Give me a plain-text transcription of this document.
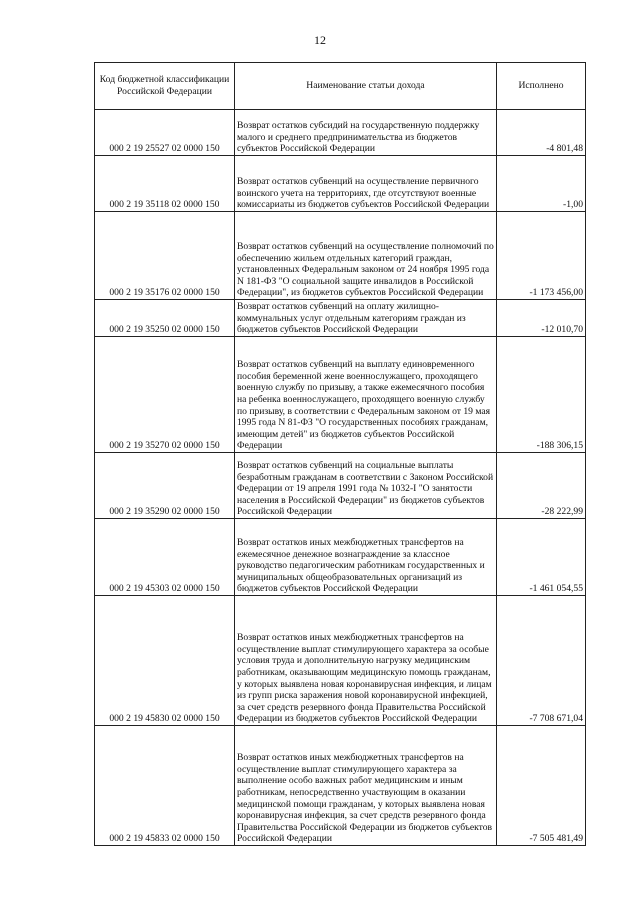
12
Код бюджетной классификации Российской Федерации	Наименование статьи дохода	Исполнено
000 2 19 25527 02 0000 150	Возврат остатков субсидий на государственную поддержку малого и среднего предпринимательства из бюджетов субъектов Российской Федерации	-4 801,48
000 2 19 35118 02 0000 150	Возврат остатков субвенций на осуществление первичного воинского учета на территориях, где отсутствуют военные комиссариаты из бюджетов субъектов Российской Федерации	-1,00
000 2 19 35176 02 0000 150	Возврат остатков субвенций на осуществление полномочий по обеспечению жильем отдельных категорий граждан, установленных Федеральным законом от 24 ноября 1995 года N 181-ФЗ "О социальной защите инвалидов в Российской Федерации", из бюджетов субъектов Российской Федерации	-1 173 456,00
000 2 19 35250 02 0000 150	Возврат остатков субвенций на оплату жилищно-коммунальных услуг отдельным категориям граждан из бюджетов субъектов Российской Федерации	-12 010,70
000 2 19 35270 02 0000 150	Возврат остатков субвенций на выплату единовременного пособия беременной жене военнослужащего, проходящего военную службу по призыву, а также ежемесячного пособия на ребенка военнослужащего, проходящего военную службу по призыву, в соответствии с Федеральным законом от 19 мая 1995 года N 81-ФЗ "О государственных пособиях гражданам, имеющим детей" из бюджетов субъектов Российской Федерации	-188 306,15
000 2 19 35290 02 0000 150	Возврат остатков субвенций на социальные выплаты безработным гражданам в соответствии с Законом Российской Федерации от 19 апреля 1991 года № 1032-I "О занятости населения в Российской Федерации" из бюджетов субъектов Российской Федерации	-28 222,99
000 2 19 45303 02 0000 150	Возврат остатков иных межбюджетных трансфертов на ежемесячное денежное вознаграждение за классное руководство педагогическим работникам государственных и муниципальных общеобразовательных организаций из бюджетов субъектов Российской Федерации	-1 461 054,55
000 2 19 45830 02 0000 150	Возврат остатков иных межбюджетных трансфертов на осуществление выплат стимулирующего характера за особые условия труда и дополнительную нагрузку медицинским работникам, оказывающим медицинскую помощь гражданам, у которых выявлена новая коронавирусная инфекция, и лицам из групп риска заражения новой коронавирусной инфекцией, за счет средств резервного фонда Правительства Российской Федерации из бюджетов субъектов Российской Федерации	-7 708 671,04
000 2 19 45833 02 0000 150	Возврат остатков иных межбюджетных трансфертов на осуществление выплат стимулирующего характера за выполнение особо важных работ медицинским и иным работникам, непосредственно участвующим в оказании медицинской помощи гражданам, у которых выявлена новая коронавирусная инфекция, за счет средств резервного фонда Правительства Российской Федерации из бюджетов субъектов Российской Федерации	-7 505 481,49
